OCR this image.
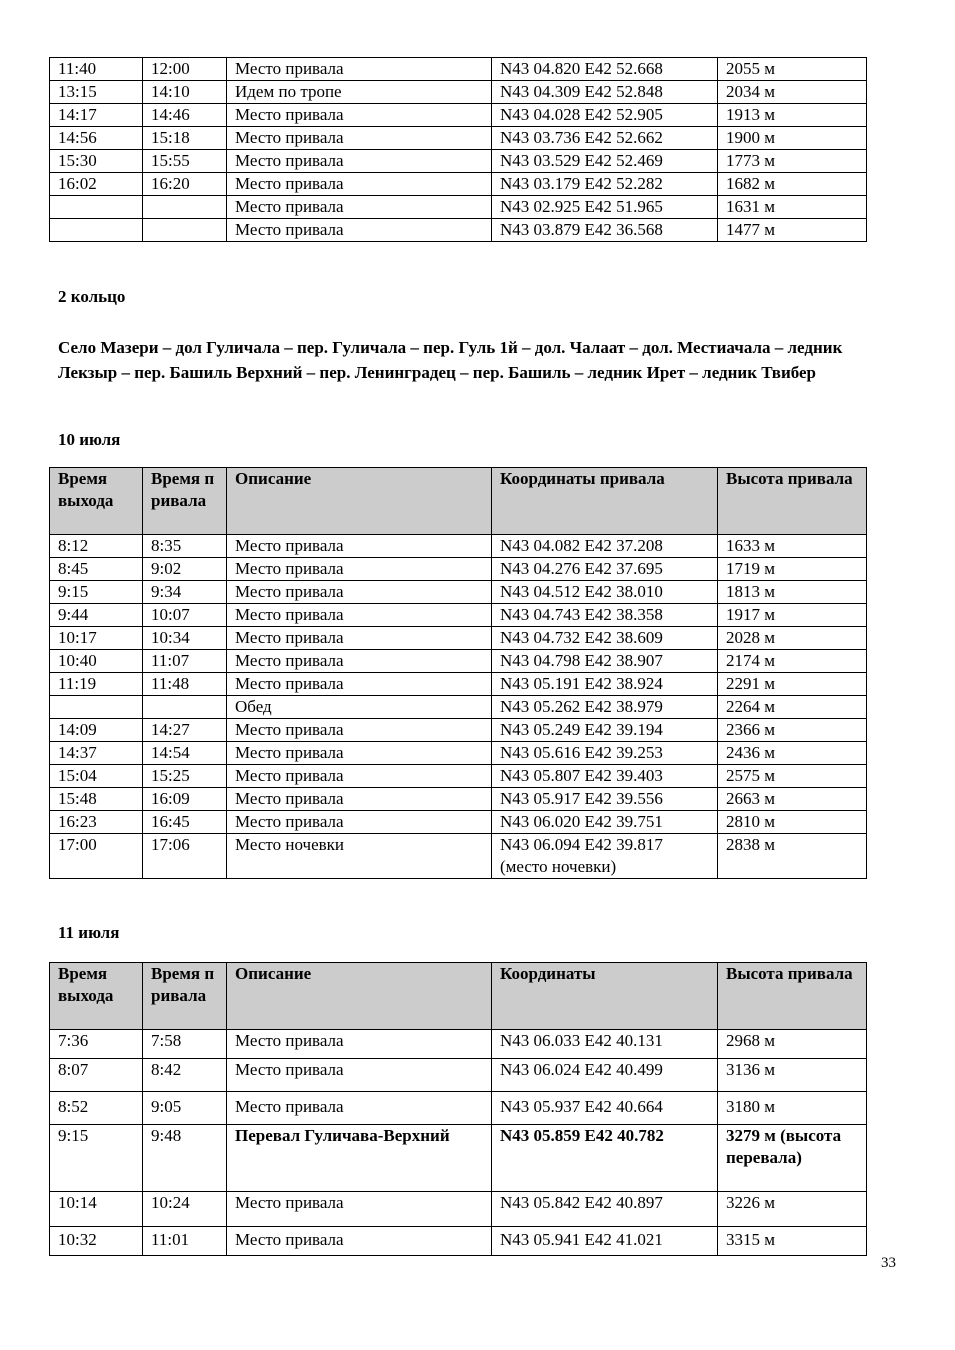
11:40	12:00	Место привала	N43 04.820 E42 52.668	2055 м
13:15	14:10	Идем по тропе	N43 04.309 E42 52.848	2034 м
14:17	14:46	Место привала	N43 04.028 E42 52.905	1913 м
14:56	15:18	Место привала	N43 03.736 E42 52.662	1900 м
15:30	15:55	Место привала	N43 03.529 E42 52.469	1773 м
16:02	16:20	Место привала	N43 03.179 E42 52.282	1682 м
		Место привала	N43 02.925 E42 51.965	1631 м
		Место привала	N43 03.879 E42 36.568	1477 м
2 кольцо
Село Мазери – дол Гуличала – пер. Гуличала – пер. Гуль 1й – дол. Чалаат – дол. Местиачала – ледник Лекзыр – пер. Башиль Верхний – пер. Ленинградец – пер. Башиль – ледник Ирет – ледник Твибер
10 июля
Время выхода	Время привала	Описание	Координаты привала	Высота привала
8:12	8:35	Место привала	N43 04.082 E42 37.208	1633 м
8:45	9:02	Место привала	N43 04.276 E42 37.695	1719 м
9:15	9:34	Место привала	N43 04.512 E42 38.010	1813 м
9:44	10:07	Место привала	N43 04.743 E42 38.358	1917 м
10:17	10:34	Место привала	N43 04.732 E42 38.609	2028 м
10:40	11:07	Место привала	N43 04.798 E42 38.907	2174 м
11:19	11:48	Место привала	N43 05.191 E42 38.924	2291 м
		Обед	N43 05.262 E42 38.979	2264 м
14:09	14:27	Место привала	N43 05.249 E42 39.194	2366 м
14:37	14:54	Место привала	N43 05.616 E42 39.253	2436 м
15:04	15:25	Место привала	N43 05.807 E42 39.403	2575 м
15:48	16:09	Место привала	N43 05.917 E42 39.556	2663 м
16:23	16:45	Место привала	N43 06.020 E42 39.751	2810 м
17:00	17:06	Место ночевки	N43 06.094 E42 39.817 (место ночевки)	2838 м
11 июля
Время выхода	Время привала	Описание	Координаты	Высота привала
7:36	7:58	Место привала	N43 06.033 E42 40.131	2968 м
8:07	8:42	Место привала	N43 06.024 E42 40.499	3136 м
8:52	9:05	Место привала	N43 05.937 E42 40.664	3180 м
9:15	9:48	Перевал Гуличава-Верхний	N43 05.859 E42 40.782	3279 м (высота перевала)
10:14	10:24	Место привала	N43 05.842 E42 40.897	3226 м
10:32	11:01	Место привала	N43 05.941 E42 41.021	3315 м
33
